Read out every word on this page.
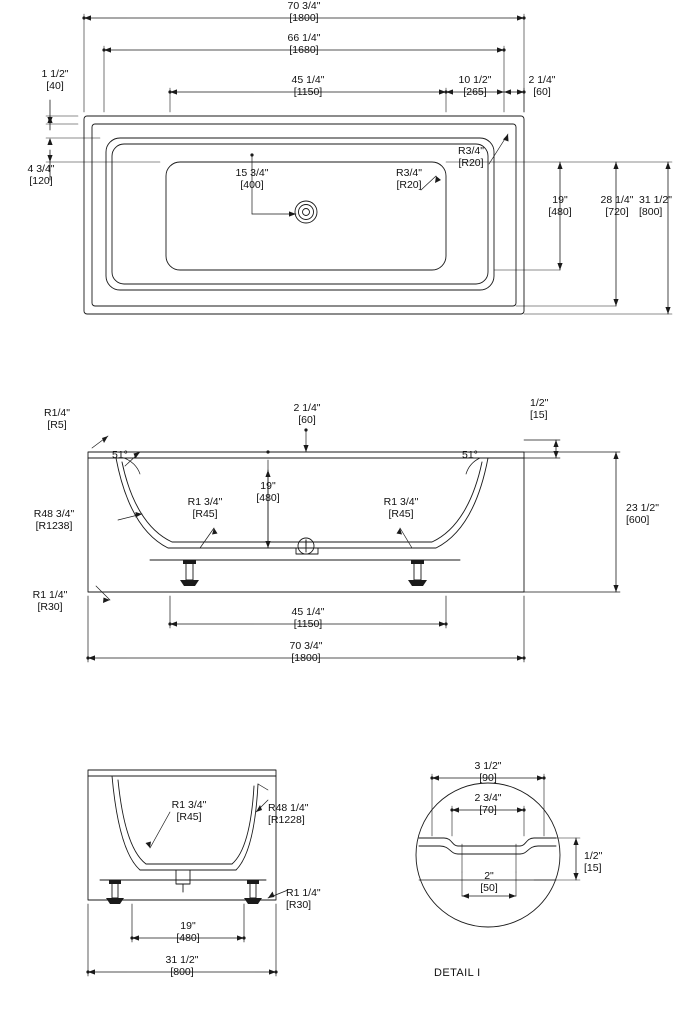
70 3/4"
[1800]
66 1/4"
[1680]
45 1/4"
[1150]
10 1/2"
[265]
2 1/4"
[60]
1 1/2"
[40]
4 3/4"
[120]
15 3/4"
[400]
R3/4"
[R20]
R3/4"
[R20]
19"
[480]
28 1/4"
[720]
31 1/2"
[800]
R1/4"
[R5]
2 1/4"
[60]
1/2"
[15]
51°	51°
R48 3/4"
[R1238]
R1 3/4"
[R45]
R1 3/4"
[R45]
19"
[480]
23 1/2"
[600]
R1 1/4"
[R30]	45 1/4"
[1150]
70 3/4"
[1800]
R1 3/4"
[R45]
R48 1/4"
[R1228]
R1 1/4"
[R30]
19"
[480]
31 1/2"
[800]
3 1/2"
[90]
2 3/4"
[70]
2"
[50]
1/2"
[15]
DETAIL I
I
